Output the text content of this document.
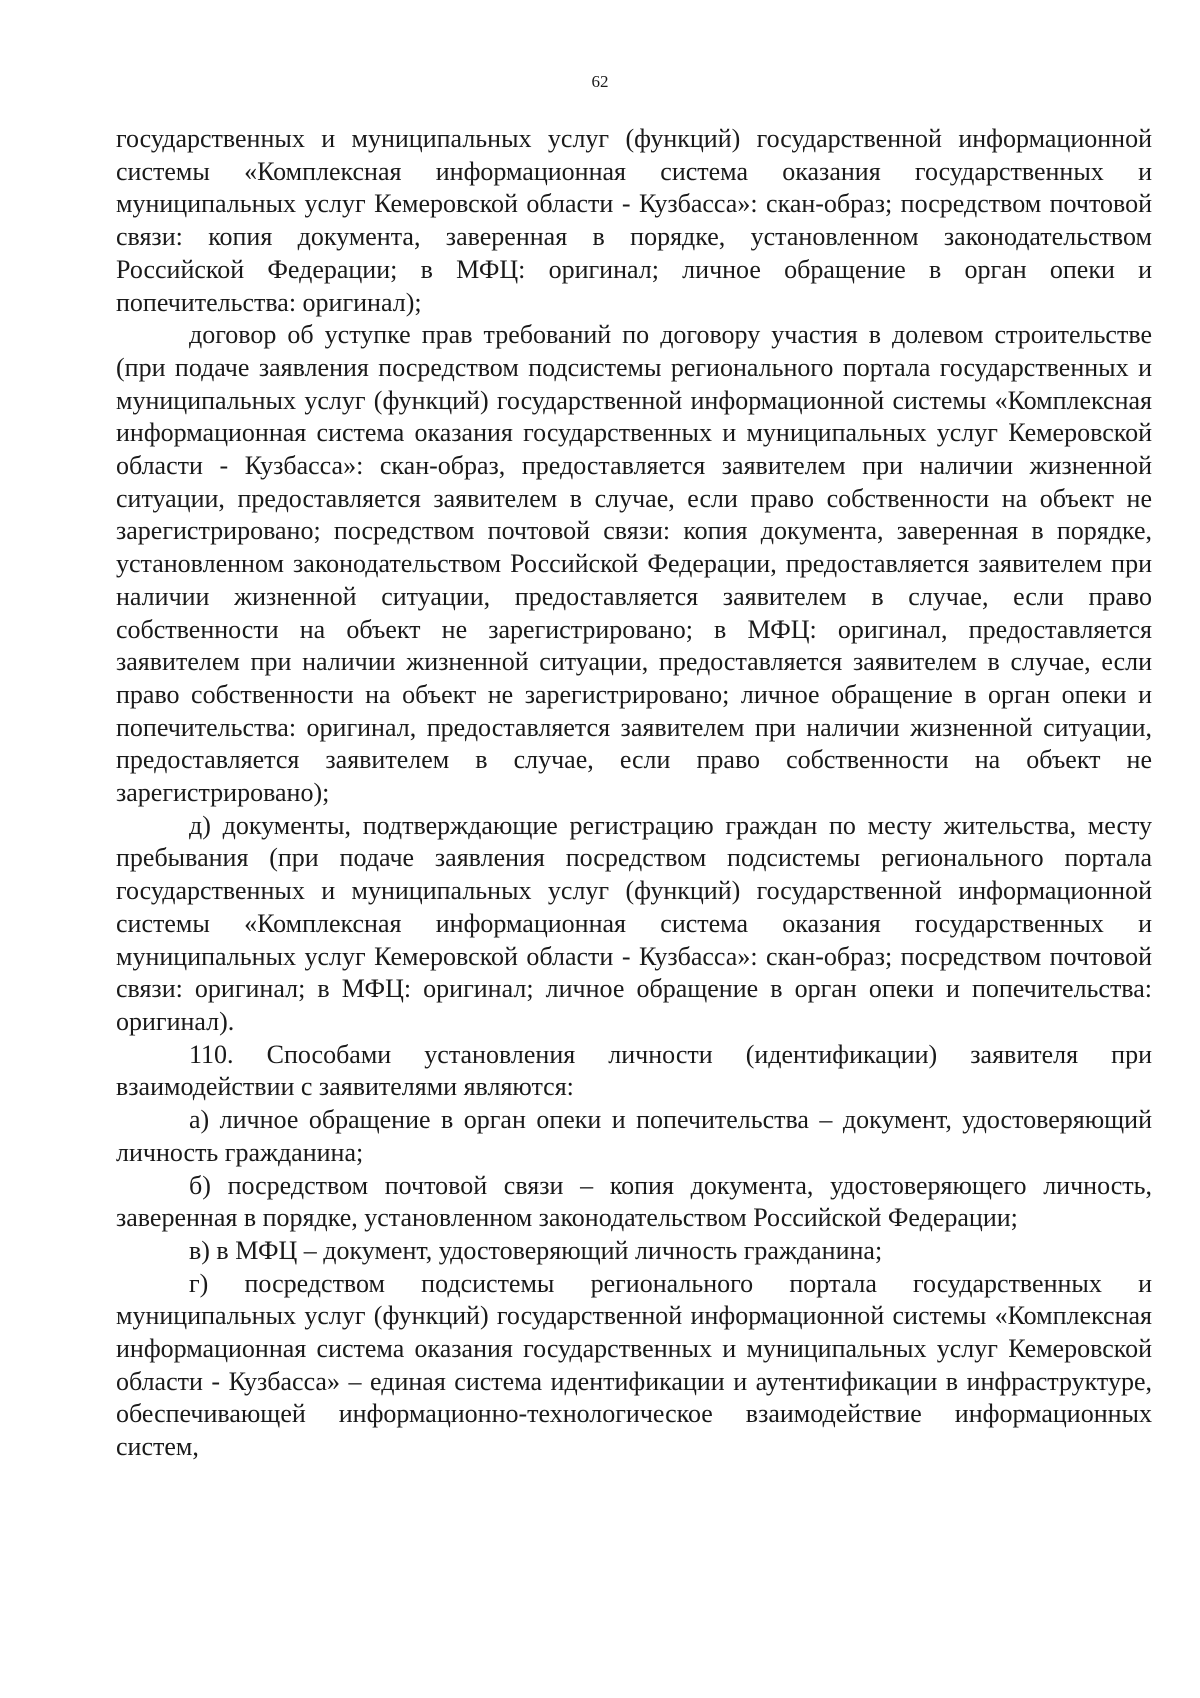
62

государственных и муниципальных услуг (функций) государственной информационной системы «Комплексная информационная система оказания государственных и муниципальных услуг Кемеровской области - Кузбасса»: скан-образ; посредством почтовой связи: копия документа, заверенная в порядке, установленном законодательством Российской Федерации; в МФЦ: оригинал; личное обращение в орган опеки и попечительства: оригинал);

договор об уступке прав требований по договору участия в долевом строительстве (при подаче заявления посредством подсистемы регионального портала государственных и муниципальных услуг (функций) государственной информационной системы «Комплексная информационная система оказания государственных и муниципальных услуг Кемеровской области - Кузбасса»: скан-образ, предоставляется заявителем при наличии жизненной ситуации, предоставляется заявителем в случае, если право собственности на объект не зарегистрировано; посредством почтовой связи: копия документа, заверенная в порядке, установленном законодательством Российской Федерации, предоставляется заявителем при наличии жизненной ситуации, предоставляется заявителем в случае, если право собственности на объект не зарегистрировано; в МФЦ: оригинал, предоставляется заявителем при наличии жизненной ситуации, предоставляется заявителем в случае, если право собственности на объект не зарегистрировано; личное обращение в орган опеки и попечительства: оригинал, предоставляется заявителем при наличии жизненной ситуации, предоставляется заявителем в случае, если право собственности на объект не зарегистрировано);

д) документы, подтверждающие регистрацию граждан по месту жительства, месту пребывания (при подаче заявления посредством подсистемы регионального портала государственных и муниципальных услуг (функций) государственной информационной системы «Комплексная информационная система оказания государственных и муниципальных услуг Кемеровской области - Кузбасса»: скан-образ; посредством почтовой связи: оригинал; в МФЦ: оригинал; личное обращение в орган опеки и попечительства: оригинал).

110. Способами установления личности (идентификации) заявителя при взаимодействии с заявителями являются:

а) личное обращение в орган опеки и попечительства – документ, удостоверяющий личность гражданина;

б) посредством почтовой связи – копия документа, удостоверяющего личность, заверенная в порядке, установленном законодательством Российской Федерации;

в) в МФЦ – документ, удостоверяющий личность гражданина;

г) посредством подсистемы регионального портала государственных и муниципальных услуг (функций) государственной информационной системы «Комплексная информационная система оказания государственных и муниципальных услуг Кемеровской области - Кузбасса» – единая система идентификации и аутентификации в инфраструктуре, обеспечивающей информационно-технологическое взаимодействие информационных систем,
